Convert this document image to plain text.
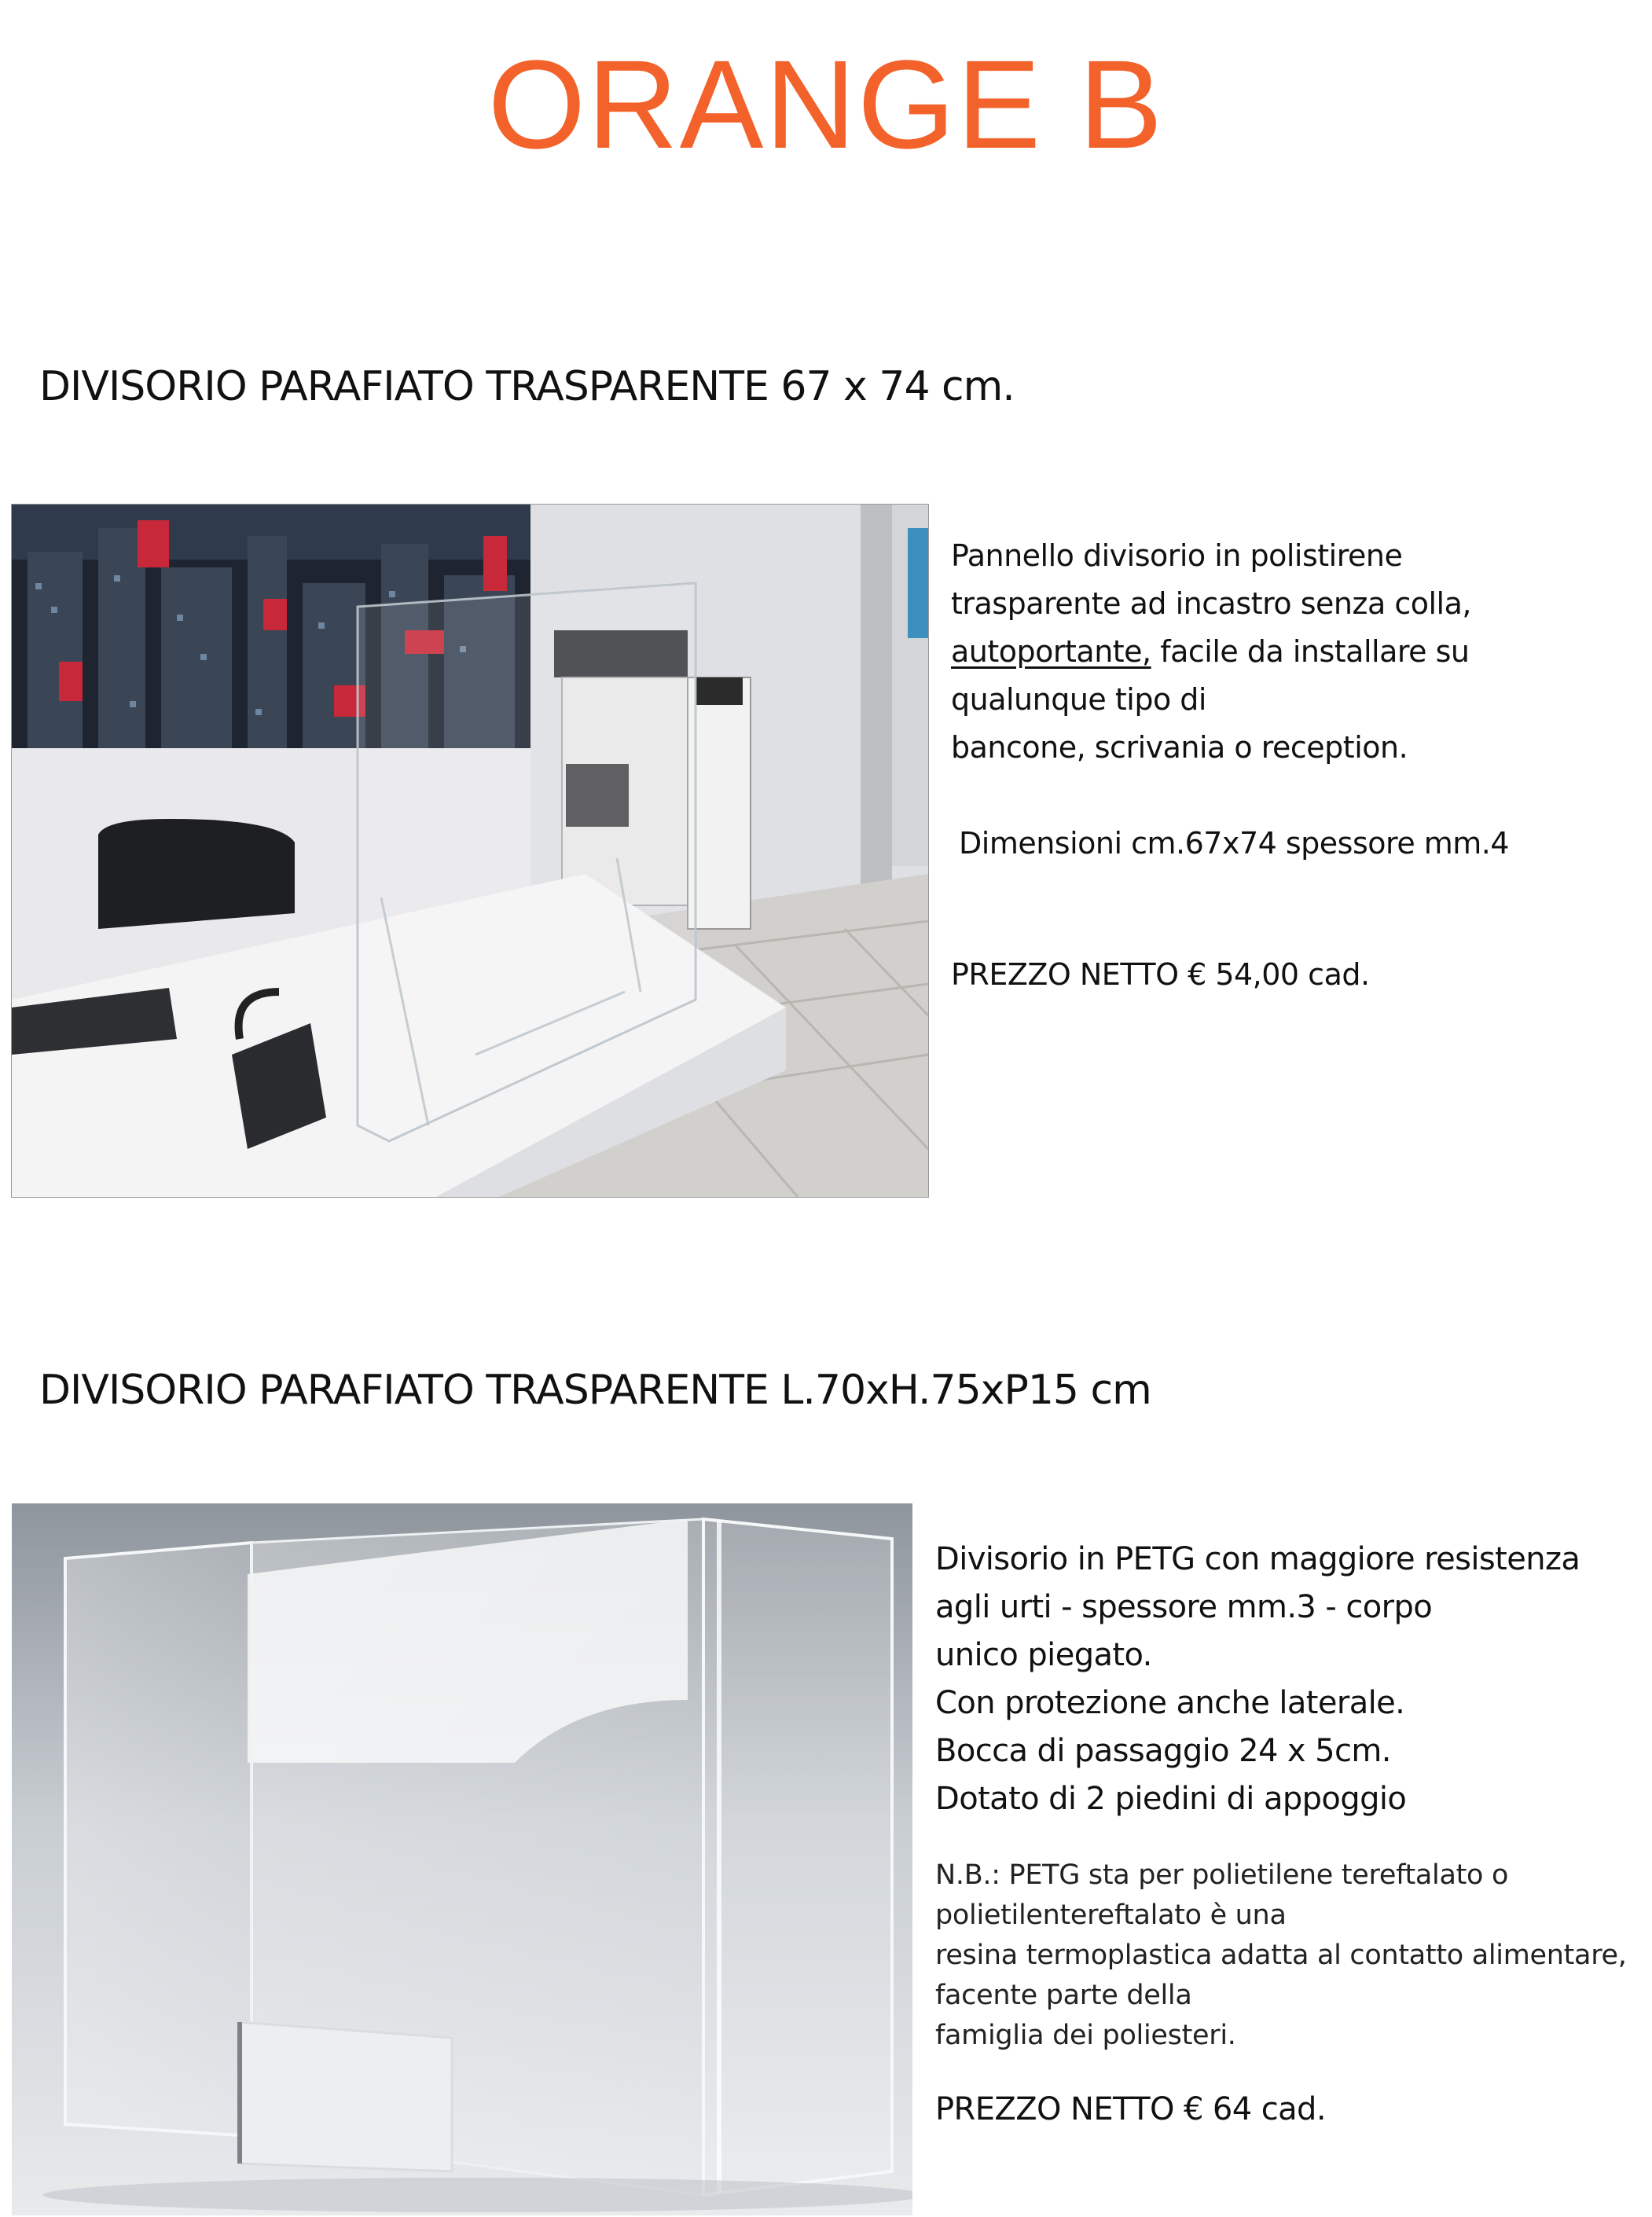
ORANGE B
DIVISORIO PARAFIATO TRASPARENTE 67 x 74 cm.

Pannello divisorio in polistirene

trasparente ad incastro senza colla,

autoportante, facile da installare su

qualunque tipo di

bancone, scrivania o reception.

Dimensioni cm.67x74 spessore mm.4

PREZZO NETTO € 54,00 cad.

DIVISORIO PARAFIATO TRASPARENTE L.70xH.75xP15 cm

Divisorio in PETG con maggiore resistenza

agli urti - spessore mm.3 - corpo

unico piegato.

Con protezione anche laterale.

Bocca di passaggio 24 x 5cm.

Dotato di 2 piedini di appoggio

N.B.: PETG sta per polietilene tereftalato o

polietilentereftalato è una

resina termoplastica adatta al contatto alimentare,

facente parte della

famiglia dei poliesteri.

PREZZO NETTO € 64 cad.
